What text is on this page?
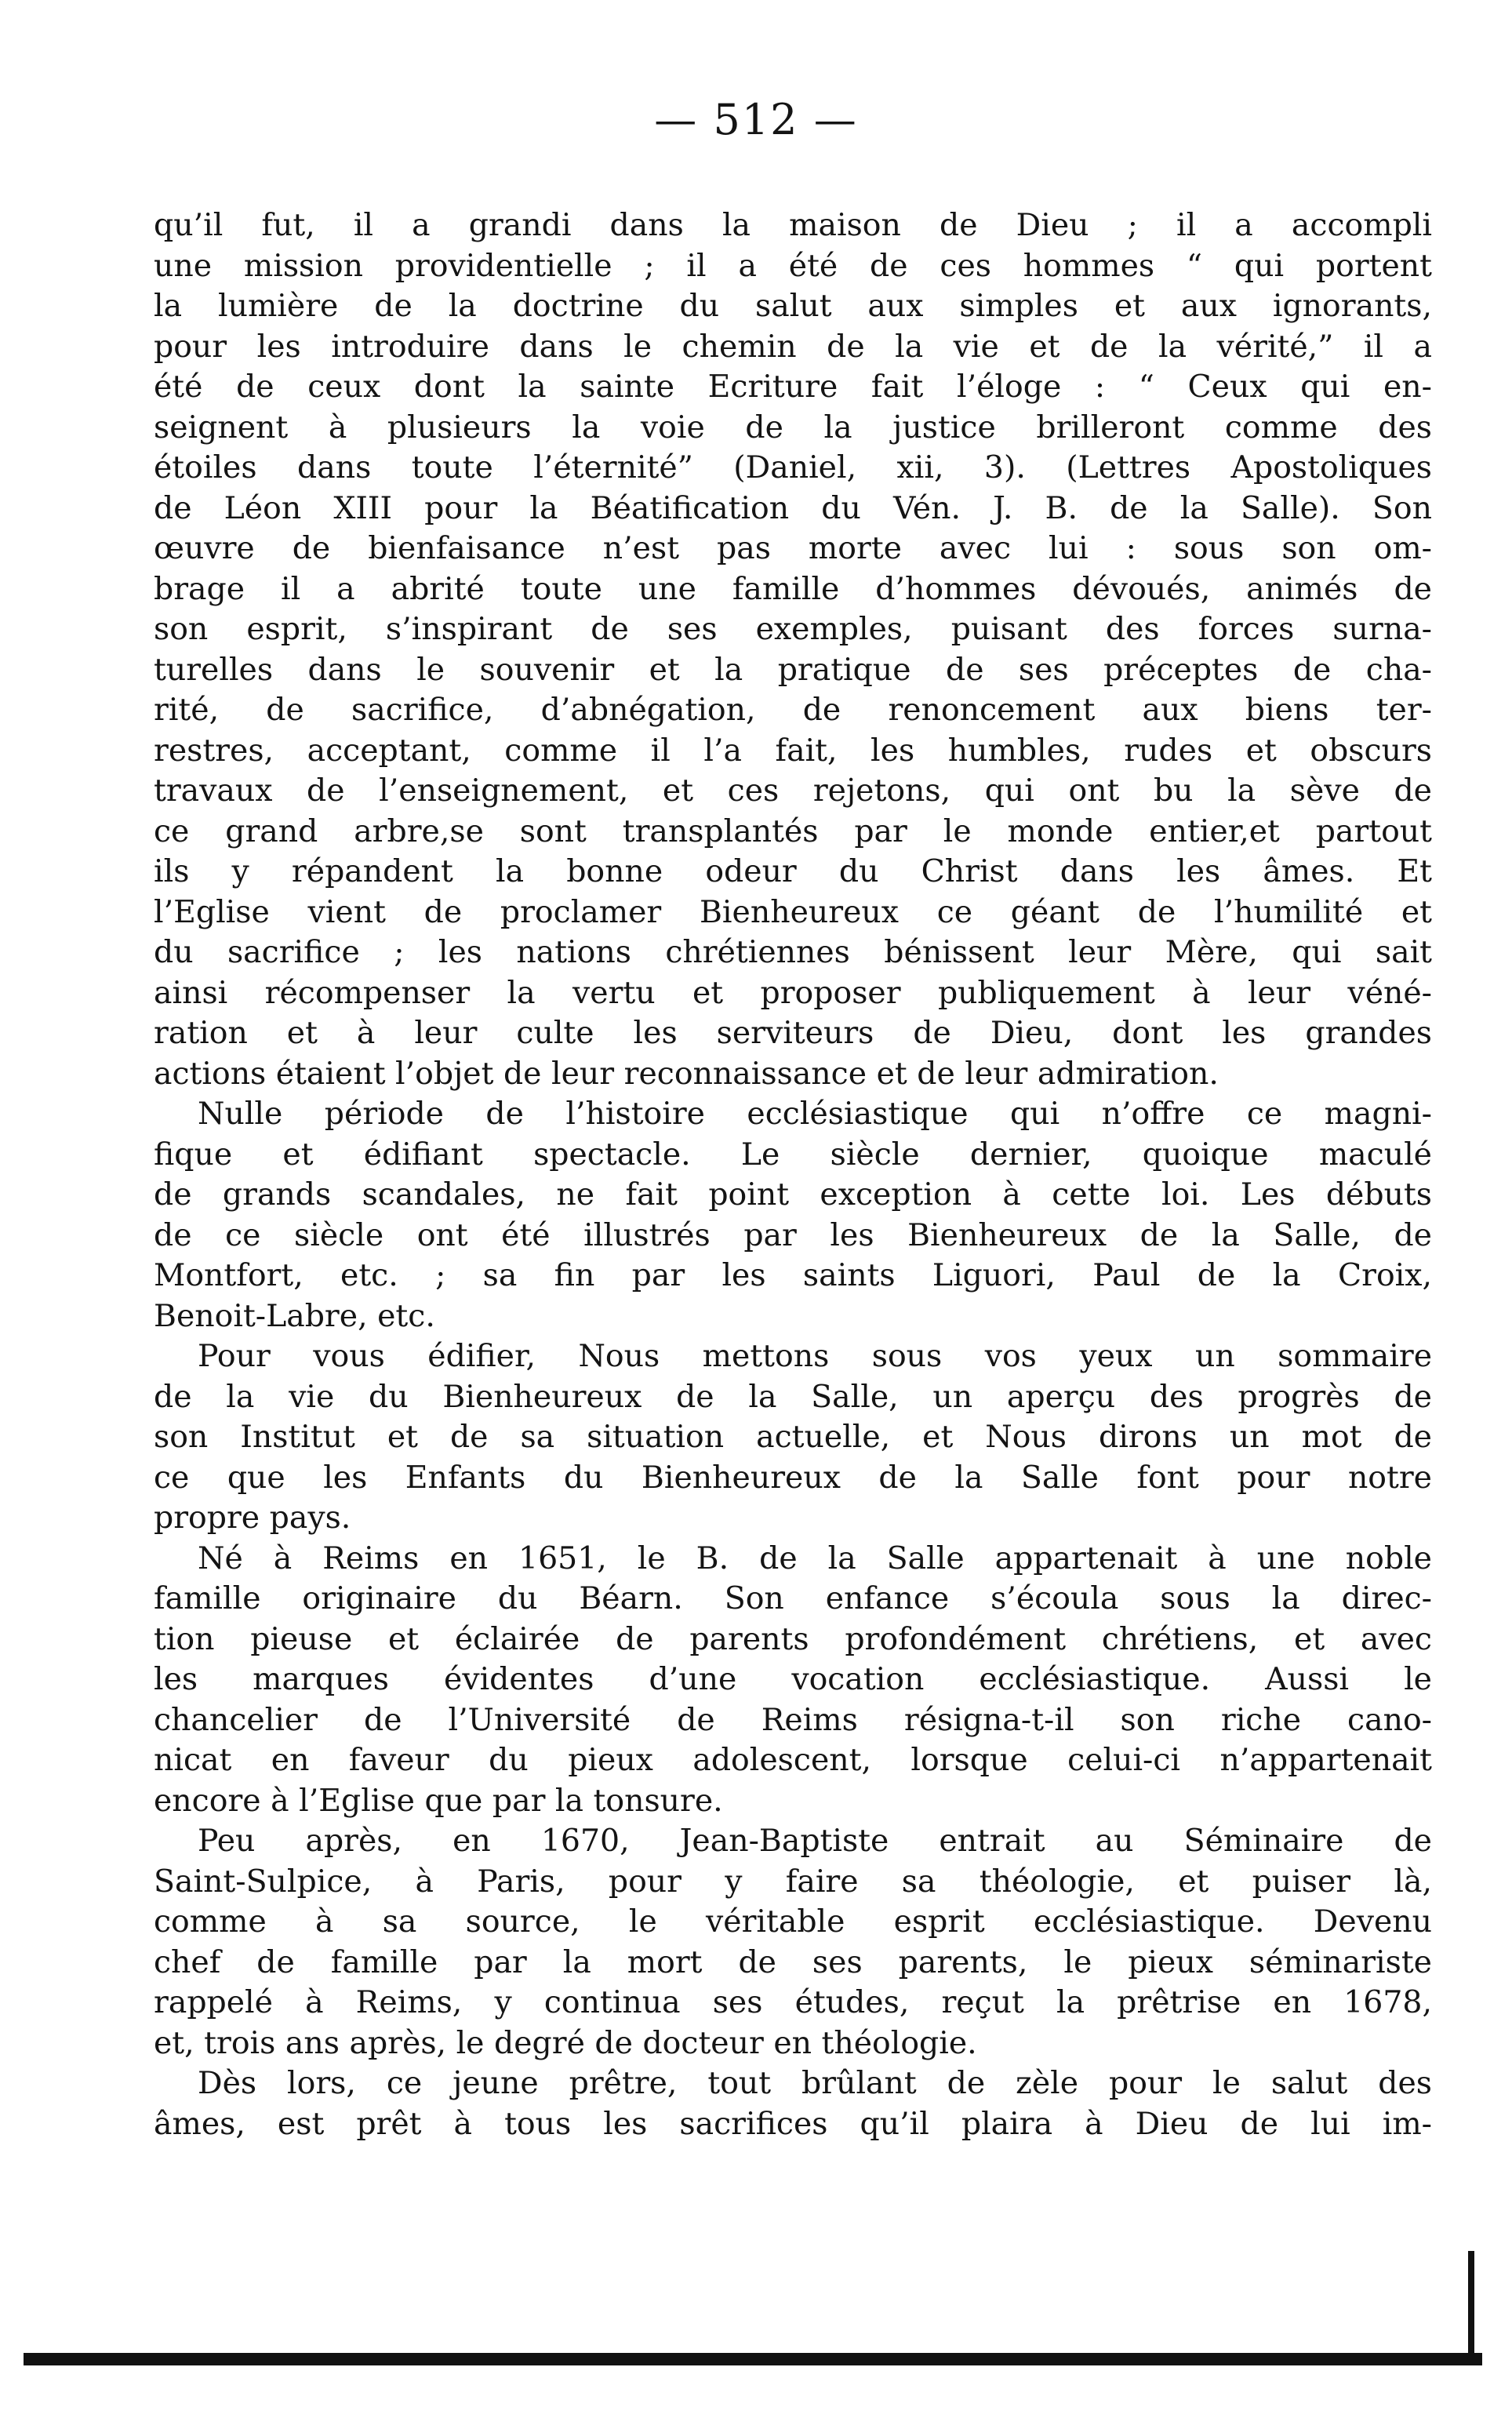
— 512 —
qu’il fut, il a grandi dans la maison de Dieu ; il a accompli
une mission providentielle ; il a été de ces hommes “ qui portent
la lumière de la doctrine du salut aux simples et aux ignorants,
pour les introduire dans le chemin de la vie et de la vérité,” il a
été de ceux dont la sainte Ecriture fait l’éloge : “ Ceux qui en-
seignent à plusieurs la voie de la justice brilleront comme des
étoiles dans toute l’éternité” (Daniel, xii, 3). (Lettres Apostoliques
de Léon XIII pour la Béatification du Vén. J. B. de la Salle). Son
œuvre de bienfaisance n’est pas morte avec lui : sous son om-
brage il a abrité toute une famille d’hommes dévoués, animés de
son esprit, s’inspirant de ses exemples, puisant des forces surna-
turelles dans le souvenir et la pratique de ses préceptes de cha-
rité, de sacrifice, d’abnégation, de renoncement aux biens ter-
restres, acceptant, comme il l’a fait, les humbles, rudes et obscurs
travaux de l’enseignement, et ces rejetons, qui ont bu la sève de
ce grand arbre,se sont transplantés par le monde entier,et partout
ils y répandent la bonne odeur du Christ dans les âmes. Et
l’Eglise vient de proclamer Bienheureux ce géant de l’humilité et
du sacrifice ; les nations chrétiennes bénissent leur Mère, qui sait
ainsi récompenser la vertu et proposer publiquement à leur véné-
ration et à leur culte les serviteurs de Dieu, dont les grandes
actions étaient l’objet de leur reconnaissance et de leur admiration.
Nulle période de l’histoire ecclésiastique qui n’offre ce magni-
fique et édifiant spectacle. Le siècle dernier, quoique maculé
de grands scandales, ne fait point exception à cette loi. Les débuts
de ce siècle ont été illustrés par les Bienheureux de la Salle, de
Montfort, etc. ; sa fin par les saints Liguori, Paul de la Croix,
Benoit-Labre, etc.
Pour vous édifier, Nous mettons sous vos yeux un sommaire
de la vie du Bienheureux de la Salle, un aperçu des progrès de
son Institut et de sa situation actuelle, et Nous dirons un mot de
ce que les Enfants du Bienheureux de la Salle font pour notre
propre pays.
Né à Reims en 1651, le B. de la Salle appartenait à une noble
famille originaire du Béarn. Son enfance s’écoula sous la direc-
tion pieuse et éclairée de parents profondément chrétiens, et avec
les marques évidentes d’une vocation ecclésiastique. Aussi le
chancelier de l’Université de Reims résigna-t-il son riche cano-
nicat en faveur du pieux adolescent, lorsque celui-ci n’appartenait
encore à l’Eglise que par la tonsure.
Peu après, en 1670, Jean-Baptiste entrait au Séminaire de
Saint-Sulpice, à Paris, pour y faire sa théologie, et puiser là,
comme à sa source, le véritable esprit ecclésiastique. Devenu
chef de famille par la mort de ses parents, le pieux séminariste
rappelé à Reims, y continua ses études, reçut la prêtrise en 1678,
et, trois ans après, le degré de docteur en théologie.
Dès lors, ce jeune prêtre, tout brûlant de zèle pour le salut des
âmes, est prêt à tous les sacrifices qu’il plaira à Dieu de lui im-
